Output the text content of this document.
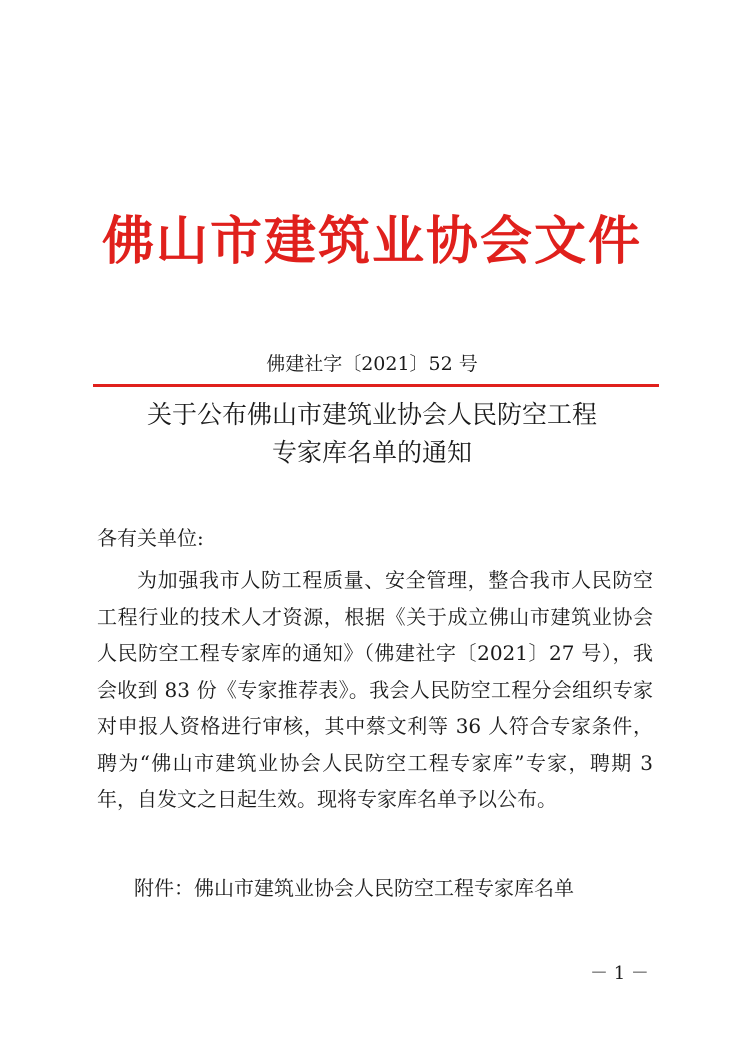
佛山市建筑业协会文件
佛建社字〔2021〕52 号
关于公布佛山市建筑业协会人民防空工程
专家库名单的通知
各有关单位:

为加强我市人防工程质量、安全管理，整合我市人民防空工程行业的技术人才资源，根据《关于成立佛山市建筑业协会人民防空工程专家库的通知》（佛建社字〔2021〕27 号），我会收到 83 份《专家推荐表》。我会人民防空工程分会组织专家对申报人资格进行审核，其中蔡文利等 36 人符合专家条件，聘为“佛山市建筑业协会人民防空工程专家库”专家，聘期 3 年，自发文之日起生效。现将专家库名单予以公布。

附件：佛山市建筑业协会人民防空工程专家库名单
－ 1 －
